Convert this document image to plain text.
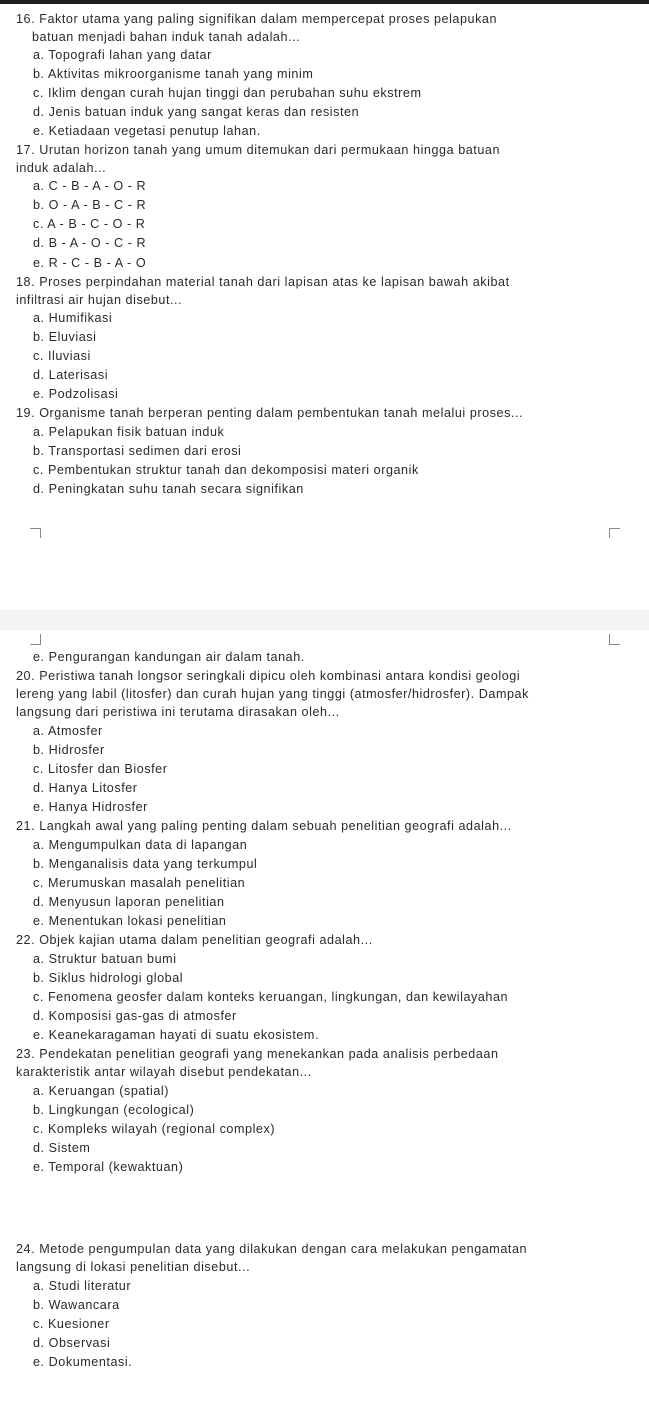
16. Faktor utama yang paling signifikan dalam mempercepat proses pelapukan
batuan menjadi bahan induk tanah adalah...
a. Topografi lahan yang datar
b. Aktivitas mikroorganisme tanah yang minim
c. Iklim dengan curah hujan tinggi dan perubahan suhu ekstrem
d. Jenis batuan induk yang sangat keras dan resisten
e. Ketiadaan vegetasi penutup lahan.
17. Urutan horizon tanah yang umum ditemukan dari permukaan hingga batuan
induk adalah...
a. C - B - A - O - R
b. O - A - B - C - R
c. A - B - C - O - R
d. B - A - O - C - R
e. R - C - B - A - O
18. Proses perpindahan material tanah dari lapisan atas ke lapisan bawah akibat
infiltrasi air hujan disebut...
a. Humifikasi
b. Eluviasi
c. Iluviasi
d. Laterisasi
e. Podzolisasi
19. Organisme tanah berperan penting dalam pembentukan tanah melalui proses...
a. Pelapukan fisik batuan induk
b. Transportasi sedimen dari erosi
c. Pembentukan struktur tanah dan dekomposisi materi organik
d. Peningkatan suhu tanah secara signifikan
e. Pengurangan kandungan air dalam tanah.
20. Peristiwa tanah longsor seringkali dipicu oleh kombinasi antara kondisi geologi
lereng yang labil (litosfer) dan curah hujan yang tinggi (atmosfer/hidrosfer). Dampak
langsung dari peristiwa ini terutama dirasakan oleh...
a. Atmosfer
b. Hidrosfer
c. Litosfer dan Biosfer
d. Hanya Litosfer
e. Hanya Hidrosfer
21. Langkah awal yang paling penting dalam sebuah penelitian geografi adalah...
a. Mengumpulkan data di lapangan
b. Menganalisis data yang terkumpul
c. Merumuskan masalah penelitian
d. Menyusun laporan penelitian
e. Menentukan lokasi penelitian
22. Objek kajian utama dalam penelitian geografi adalah...
a. Struktur batuan bumi
b. Siklus hidrologi global
c. Fenomena geosfer dalam konteks keruangan, lingkungan, dan kewilayahan
d. Komposisi gas-gas di atmosfer
e. Keanekaragaman hayati di suatu ekosistem.
23. Pendekatan penelitian geografi yang menekankan pada analisis perbedaan
karakteristik antar wilayah disebut pendekatan...
a. Keruangan (spatial)
b. Lingkungan (ecological)
c. Kompleks wilayah (regional complex)
d. Sistem
e. Temporal (kewaktuan)
24. Metode pengumpulan data yang dilakukan dengan cara melakukan pengamatan
langsung di lokasi penelitian disebut...
a. Studi literatur
b. Wawancara
c. Kuesioner
d. Observasi
e. Dokumentasi.
